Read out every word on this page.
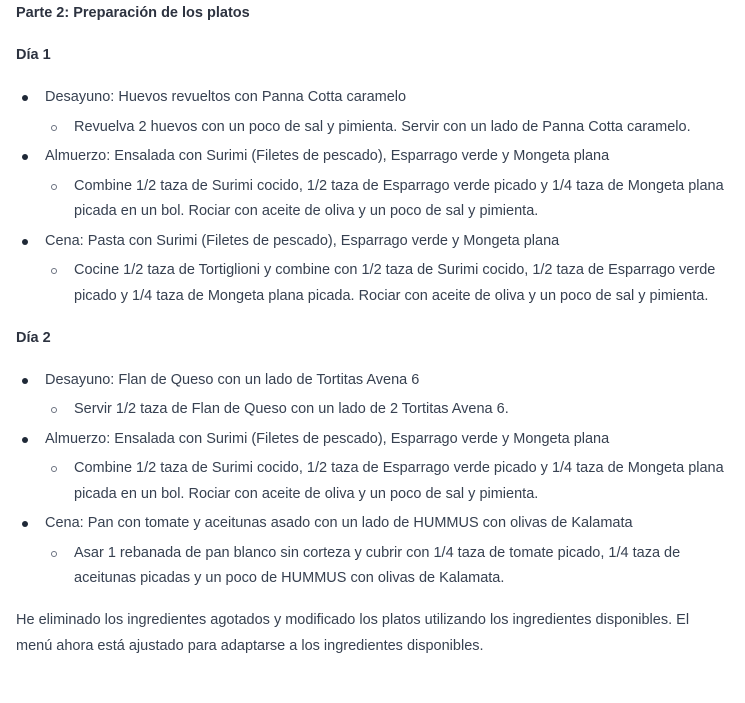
Parte 2: Preparación de los platos

Día 1

Desayuno: Huevos revueltos con Panna Cotta caramelo
Revuelva 2 huevos con un poco de sal y pimienta. Servir con un lado de Panna Cotta caramelo.
Almuerzo: Ensalada con Surimi (Filetes de pescado), Esparrago verde y Mongeta plana
Combine 1/2 taza de Surimi cocido, 1/2 taza de Esparrago verde picado y 1/4 taza de Mongeta plana picada en un bol. Rociar con aceite de oliva y un poco de sal y pimienta.
Cena: Pasta con Surimi (Filetes de pescado), Esparrago verde y Mongeta plana
Cocine 1/2 taza de Tortiglioni y combine con 1/2 taza de Surimi cocido, 1/2 taza de Esparrago verde picado y 1/4 taza de Mongeta plana picada. Rociar con aceite de oliva y un poco de sal y pimienta.

Día 2

Desayuno: Flan de Queso con un lado de Tortitas Avena 6
Servir 1/2 taza de Flan de Queso con un lado de 2 Tortitas Avena 6.
Almuerzo: Ensalada con Surimi (Filetes de pescado), Esparrago verde y Mongeta plana
Combine 1/2 taza de Surimi cocido, 1/2 taza de Esparrago verde picado y 1/4 taza de Mongeta plana picada en un bol. Rociar con aceite de oliva y un poco de sal y pimienta.
Cena: Pan con tomate y aceitunas asado con un lado de HUMMUS con olivas de Kalamata
Asar 1 rebanada de pan blanco sin corteza y cubrir con 1/4 taza de tomate picado, 1/4 taza de aceitunas picadas y un poco de HUMMUS con olivas de Kalamata.

He eliminado los ingredientes agotados y modificado los platos utilizando los ingredientes disponibles. El menú ahora está ajustado para adaptarse a los ingredientes disponibles.
